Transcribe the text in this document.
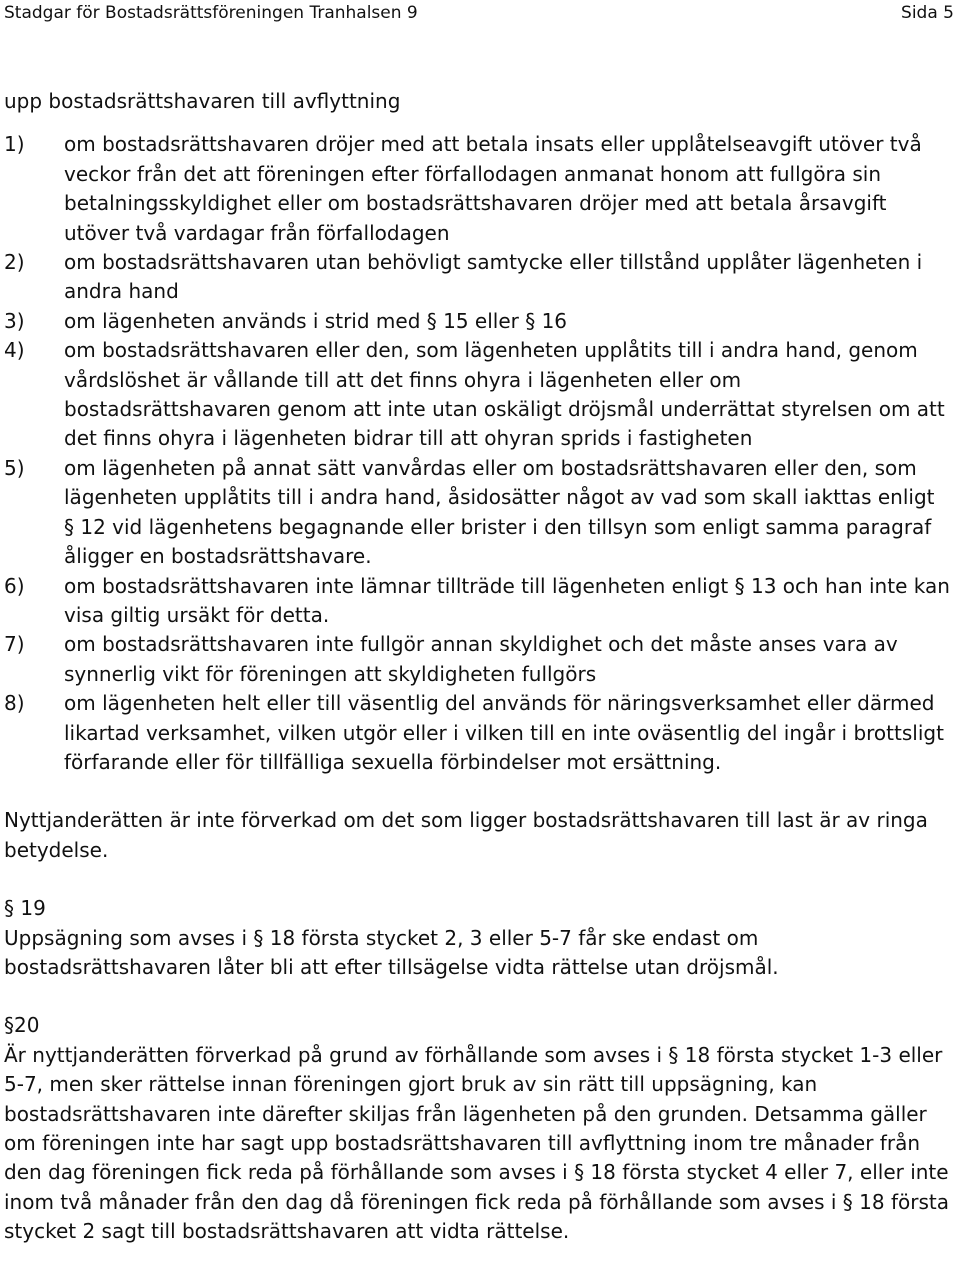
Stadgar för Bostadsrättsföreningen Tranhalsen 9	Sida 5

upp bostadsrättshavaren till avflyttning

1)	om bostadsrättshavaren dröjer med att betala insats eller upplåtelseavgift utöver två veckor från det att föreningen efter förfallodagen anmanat honom att fullgöra sin betalningsskyldighet eller om bostadsrättshavaren dröjer med att betala årsavgift utöver två vardagar från förfallodagen
2)	om bostadsrättshavaren utan behövligt samtycke eller tillstånd upplåter lägenheten i andra hand
3)	om lägenheten används i strid med § 15 eller § 16
4)	om bostadsrättshavaren eller den, som lägenheten upplåtits till i andra hand, genom vårdslöshet är vållande till att det finns ohyra i lägenheten eller om bostadsrättshavaren genom att inte utan oskäligt dröjsmål underrättat styrelsen om att det finns ohyra i lägenheten bidrar till att ohyran sprids i fastigheten
5)	om lägenheten på annat sätt vanvårdas eller om bostadsrättshavaren eller den, som lägenheten upplåtits till i andra hand, åsidosätter något av vad som skall iakttas enligt § 12 vid lägenhetens begagnande eller brister i den tillsyn som enligt samma paragraf åligger en bostadsrättshavare.
6)	om bostadsrättshavaren inte lämnar tillträde till lägenheten enligt § 13 och han inte kan visa giltig ursäkt för detta.
7)	om bostadsrättshavaren inte fullgör annan skyldighet och det måste anses vara av synnerlig vikt för föreningen att skyldigheten fullgörs
8)	om lägenheten helt eller till väsentlig del används för näringsverksamhet eller därmed likartad verksamhet, vilken utgör eller i vilken till en inte oväsentlig del ingår i brottsligt förfarande eller för tillfälliga sexuella förbindelser mot ersättning.

Nyttjanderätten är inte förverkad om det som ligger bostadsrättshavaren till last är av ringa betydelse.

§ 19

Uppsägning som avses i § 18 första stycket 2, 3 eller 5-7 får ske endast om bostadsrättshavaren låter bli att efter tillsägelse vidta rättelse utan dröjsmål.

§20

Är nyttjanderätten förverkad på grund av förhållande som avses i § 18 första stycket 1-3 eller 5-7, men sker rättelse innan föreningen gjort bruk av sin rätt till uppsägning, kan bostadsrättshavaren inte därefter skiljas från lägenheten på den grunden. Detsamma gäller om föreningen inte har sagt upp bostadsrättshavaren till avflyttning inom tre månader från den dag föreningen fick reda på förhållande som avses i § 18 första stycket 4 eller 7, eller inte inom två månader från den dag då föreningen fick reda på förhållande som avses i § 18 första stycket 2 sagt till bostadsrättshavaren att vidta rättelse.
